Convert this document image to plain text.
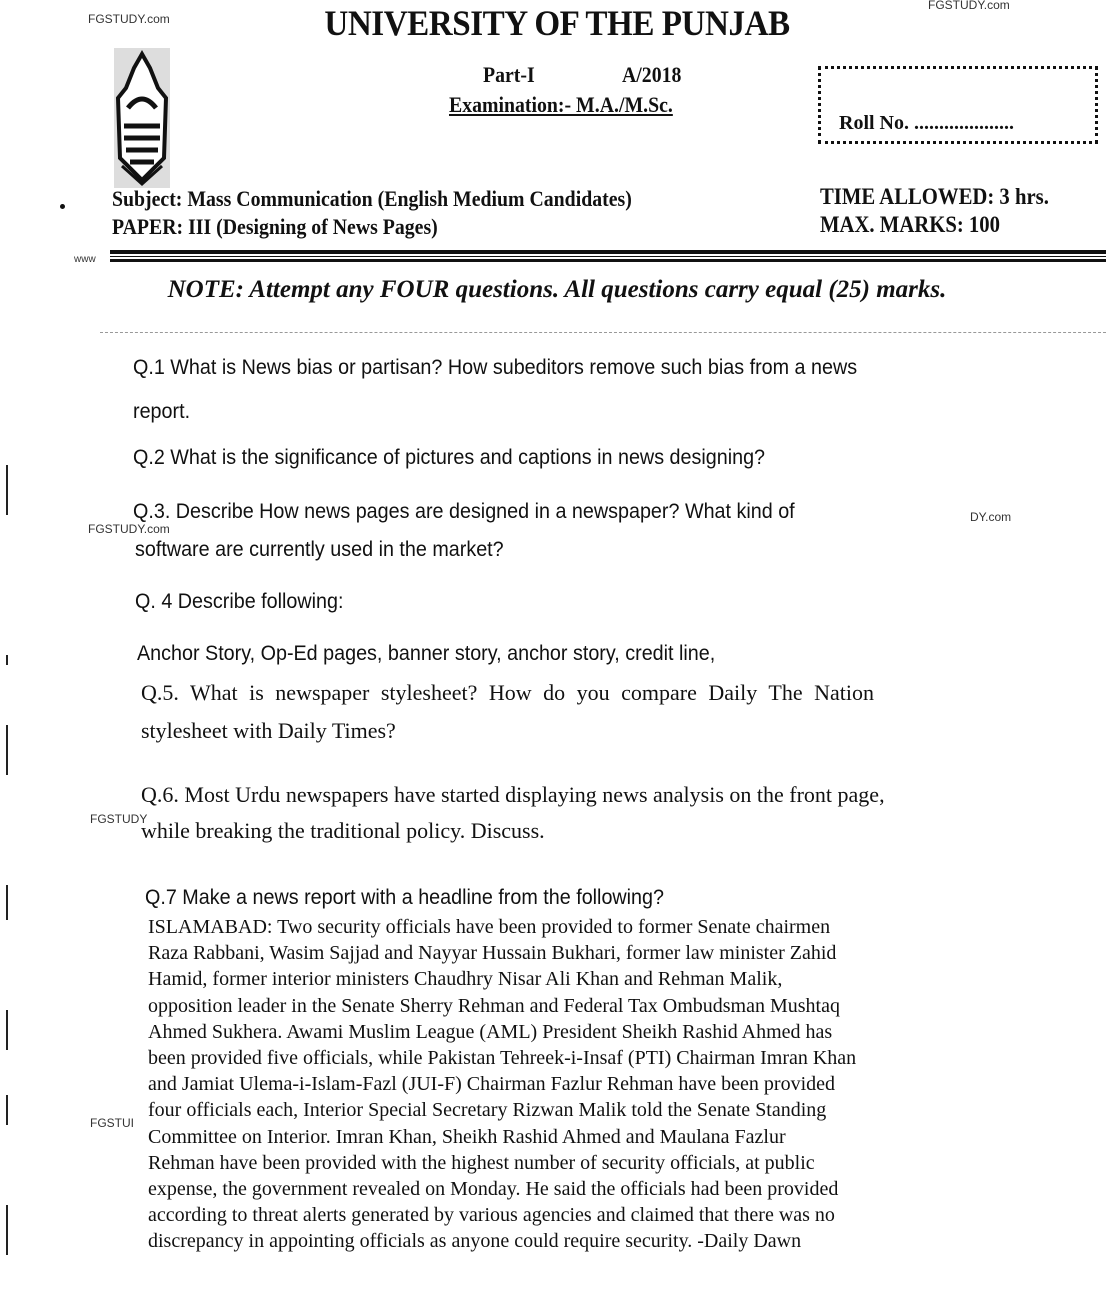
FGSTUDY.com
FGSTUDY.com
www
FGSTUDY.com
DY.com
FGSTUDY
FGSTUI
UNIVERSITY OF THE PUNJAB
Part-I	A/2018
Examination:- M.A./M.Sc.
Roll No. ....................
Subject: Mass Communication (English Medium Candidates)
PAPER: III (Designing of News Pages)
TIME ALLOWED: 3 hrs.
MAX. MARKS: 100
NOTE: Attempt any FOUR questions. All questions carry equal (25) marks.
Q.1 What is News bias or partisan? How subeditors remove such bias from a news
report.
Q.2 What is the significance of pictures and captions in news designing?
Q.3. Describe How news pages are designed in a newspaper? What kind of
software are currently used in the market?
Q. 4 Describe following:
Anchor Story, Op-Ed pages, banner story, anchor story, credit line,
Q.5. What is newspaper stylesheet? How do you compare Daily The Nation
stylesheet with Daily Times?
Q.6. Most Urdu newspapers have started displaying news analysis on the front page,
while breaking the traditional policy. Discuss.
Q.7 Make a news report with a headline from the following?
ISLAMABAD: Two security officials have been provided to former Senate chairmen
Raza Rabbani, Wasim Sajjad and Nayyar Hussain Bukhari, former law minister Zahid
Hamid, former interior ministers Chaudhry Nisar Ali Khan and Rehman Malik,
opposition leader in the Senate Sherry Rehman and Federal Tax Ombudsman Mushtaq
Ahmed Sukhera. Awami Muslim League (AML) President Sheikh Rashid Ahmed has
been provided five officials, while Pakistan Tehreek-i-Insaf (PTI) Chairman Imran Khan
and Jamiat Ulema-i-Islam-Fazl (JUI-F) Chairman Fazlur Rehman have been provided
four officials each, Interior Special Secretary Rizwan Malik told the Senate Standing
Committee on Interior. Imran Khan, Sheikh Rashid Ahmed and Maulana Fazlur
Rehman have been provided with the highest number of security officials, at public
expense, the government revealed on Monday. He said the officials had been provided
according to threat alerts generated by various agencies and claimed that there was no
discrepancy in appointing officials as anyone could require security. -Daily Dawn
